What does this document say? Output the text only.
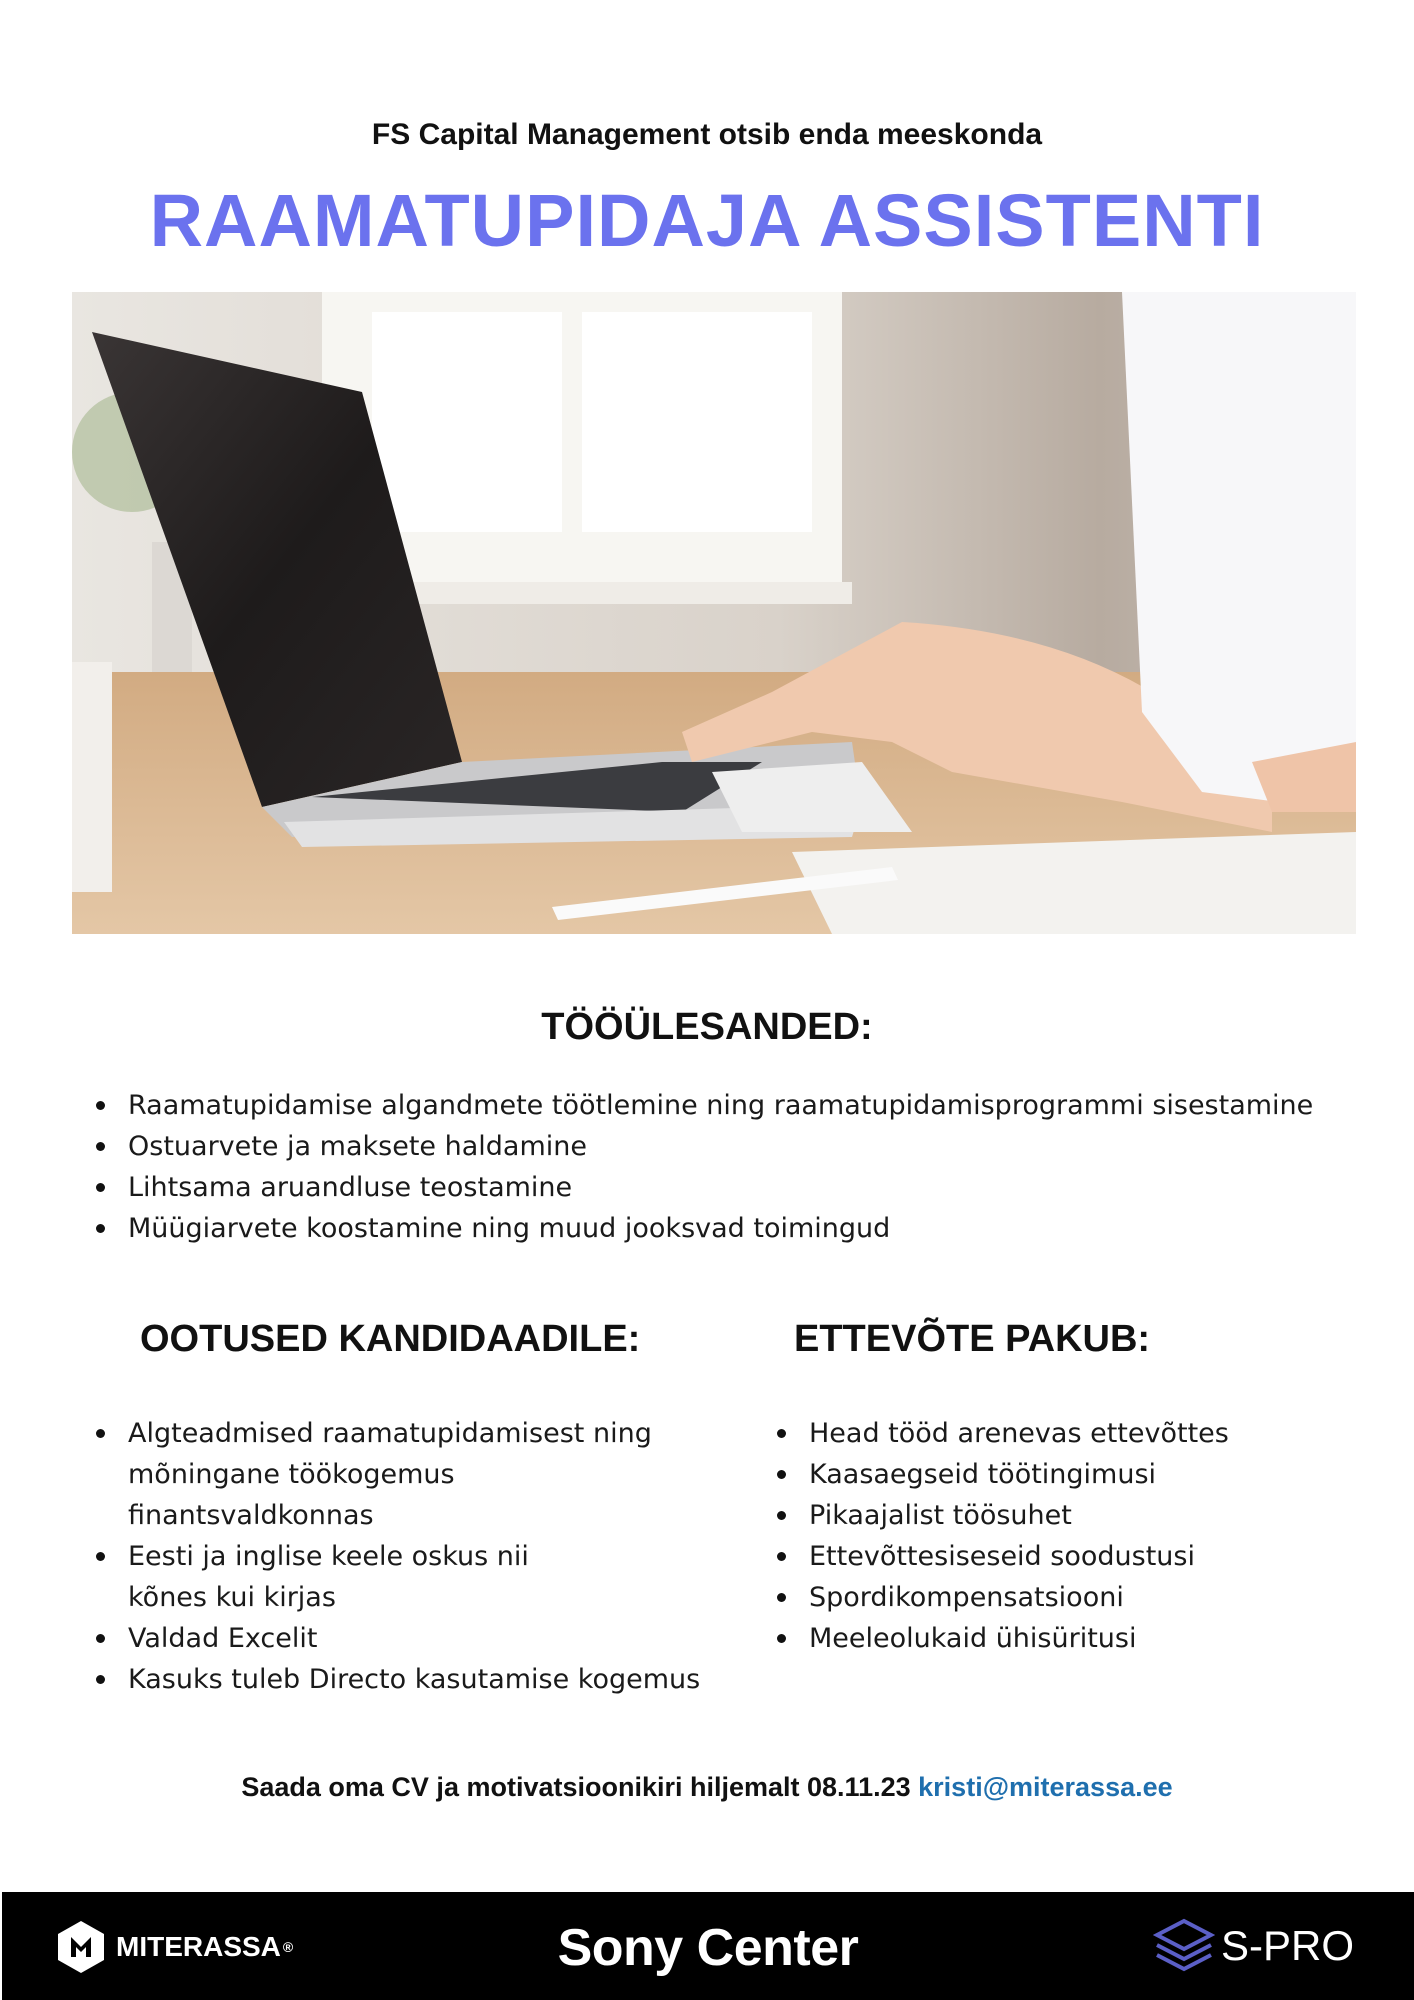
FS Capital Management otsib enda meeskonda
RAAMATUPIDAJA ASSISTENTI
TÖÖÜLESANDED:
Raamatupidamise algandmete töötlemine ning raamatupidamisprogrammi sisestamine
Ostuarvete ja maksete haldamine
Lihtsama aruandluse teostamine
Müügiarvete koostamine ning muud jooksvad toimingud
OOTUSED KANDIDAADILE:
Algteadmised raamatupidamisest ning
mõningane töökogemus
finantsvaldkonnas
Eesti ja inglise keele oskus nii
kõnes kui kirjas
Valdad Excelit
Kasuks tuleb Directo kasutamise kogemus
ETTEVÕTE PAKUB:
Head tööd arenevas ettevõttes
Kaasaegseid töötingimusi
Pikaajalist töösuhet
Ettevõttesiseseid soodustusi
Spordikompensatsiooni
Meeleolukaid ühisüritusi
Saada oma CV ja motivatsioonikiri hiljemalt 08.11.23 kristi@miterassa.ee
MITERASSA ®	Sony Center	S-PRO
